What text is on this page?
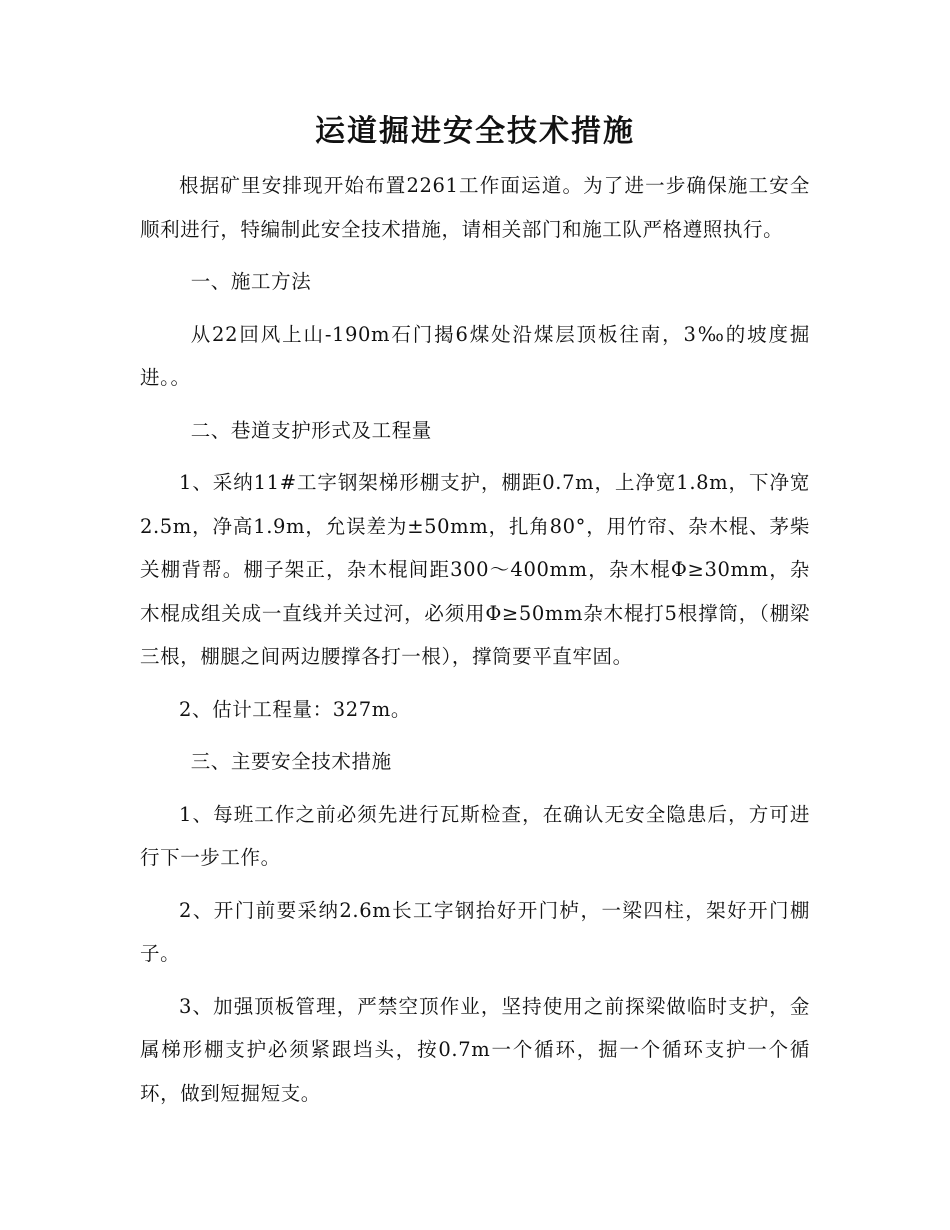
运道掘进安全技术措施

根据矿里安排现开始布置2261工作面运道。为了进一步确保施工安全顺利进行，特编制此安全技术措施，请相关部门和施工队严格遵照执行。

一、施工方法

从22回风上山-190m石门揭6煤处沿煤层顶板往南，3‰的坡度掘进。。

二、巷道支护形式及工程量

1、采纳11#工字钢架梯形棚支护，棚距0.7m，上净宽1.8m，下净宽2.5m，净高1.9m，允误差为±50mm，扎角80°，用竹帘、杂木棍、茅柴关棚背帮。棚子架正，杂木棍间距300～400mm，杂木棍Φ≥30mm，杂木棍成组关成一直线并关过河，必须用Φ≥50mm杂木棍打5根撑筒，（棚梁三根，棚腿之间两边腰撑各打一根），撑筒要平直牢固。

2、估计工程量：327m。

三、主要安全技术措施

1、每班工作之前必须先进行瓦斯检查，在确认无安全隐患后，方可进行下一步工作。

2、开门前要采纳2.6m长工字钢抬好开门栌，一梁四柱，架好开门棚子。

3、加强顶板管理，严禁空顶作业，坚持使用之前探梁做临时支护，金属梯形棚支护必须紧跟垱头，按0.7m一个循环，掘一个循环支护一个循环，做到短掘短支。
